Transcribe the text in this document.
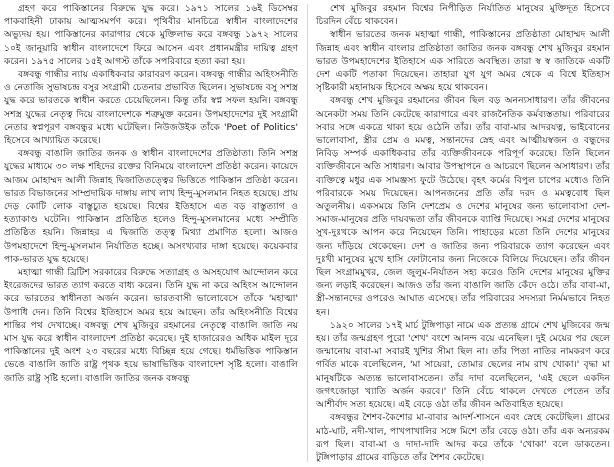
গ্রহণ করে পাকিস্তানের বিরুদ্ধে যুদ্ধ করে। ১৯৭১ সালের ১৬ই ডিসেম্বর পাকবাহিনী ঢাকায় আত্মসমর্পণ করে। পৃথিবীর মানচিত্রে স্বাধীন বাংলাদেশের অভ্যুদয় হয়। পাকিস্তানের কারাগার থেকে মুক্তিলাভ করে বঙ্গবন্ধু ১৯৭২ সালের ১০ই জানুয়ারি স্বাধীন বাংলাদেশে ফিরে আসেন এবং প্রধানমন্ত্রীর দায়িত্ব গ্রহণ করেন। ১৯৭৫ সালের ১৫ই আগস্ট তাঁকে সপরিবারে হত্যা করা হয়।

বঙ্গবন্ধু গান্ধীর ন্যায় একাধিকবার কারাবরণ করেন। বঙ্গবন্ধু গান্ধীর অহিংসনীতি ও নেতাজি সুভাষচন্দ্র বসুর সংগ্রামী চেতনার প্রভাবিত ছিলেন। সুভাষচন্দ্র বসু সশস্ত্র যুদ্ধ করে ভারতকে স্বাধীন করতে চেয়েছিলেন। কিন্তু তাঁর স্বপ্ন সফল হয়নি। বঙ্গবন্ধু সশস্ত্র যুদ্ধের নেতৃত্ব দিয়ে বাংলাদেশকে শত্রুমুক্ত করেন। উপমহাদেশের দুই সংগ্রামী নেতার স্বপ্নপূরণ বঙ্গবন্ধুর মধ্যে ঘটেছিল। নিউজউইক তাঁকে 'Poet of Politics' হিসেবে আখ্যায়িত করেছে।

বঙ্গবন্ধু বাঙালি জাতির জনক ও স্বাধীন বাংলাদেশের প্রতিষ্ঠাতা। তিনি সশস্ত্র যুদ্ধের মাধ্যমে ৩০ লক্ষ শহিদের রক্তের বিনিময়ে বাংলাদেশ প্রতিষ্ঠা করেন। কায়েদে আজম মোহাম্মদ আলী জিন্নাহ দ্বিজাতিতত্ত্বের ভিত্তিতে পাকিস্তান প্রতিষ্ঠা করেন। ভারত বিভাজনের সাম্প্রদায়িক দাঙ্গায় লাখ লাখ হিন্দু-মুসলমান নিহত হয়েছে। প্রায় দেড় কোটি লোক বাস্তুচ্যুত হয়েছে। বিশ্বের ইতিহাসে এত বড় বাস্তুত্যাগ ও হত্যাকাণ্ড ঘটেনি। পাকিস্তান প্রতিষ্ঠিত হলেও হিন্দু-মুসলমানের মধ্যে সম্প্রীতি প্রতিষ্ঠিত হয়নি। জিন্নাহর এ দ্বিজাতি তত্ত্ব মিথ্যা প্রমাণিত হলো। আজও উপমহাদেশে হিন্দু-মুসলমান নির্যাতিত হচ্ছে। অসংখ্যবার দাঙ্গা হয়েছে। কয়েকবার পাক-ভারত যুদ্ধ হয়েছে।

মহাত্মা গান্ধী ব্রিটিশ সরকারের বিরুদ্ধে সত্যাগ্রহ ও অসহযোগ আন্দোলন করে ইংরেজদের ভারত ত্যাগ করতে বাধ্য করেন। তিনি যুদ্ধ না করে অহিংস আন্দোলন করে ভারতের স্বাধীনতা অর্জন করেন। ভারতবাসী ভালোবেসে তাঁকে 'মহাত্মা' উপাধি দেন। তিনি বিশ্বের ইতিহাসে অমর হয়ে আছেন। তাঁর অহিংসনীতি বিশ্বের শান্তির পথ দেখাচ্ছে। বঙ্গবন্ধু শেখ মুজিবুর রহমানের নেতৃত্বে বাঙালি জাতি নয় মাস যুদ্ধ করে স্বাধীন বাংলাদেশ প্রতিষ্ঠা করেছে। দুই হাজারেরও অধিক মাইল দূরে পাকিস্তানের দুই অংশ ২৩ বছরের মধ্যে বিচ্ছিন্ন হয়ে গেছে। ধর্মভিত্তিক পাকিস্তান ভেঙে বাঙালি জাতি রাষ্ট্র পৃথক হয়ে ভাষাভিত্তিক বাংলাদেশ সৃষ্টি হলো। বাঙালি জাতি রাষ্ট্র সৃষ্টি হলো। বাঙালি জাতির জনক বঙ্গবন্ধু

শেখ মুজিবুর রহমান বিশ্বের নিপীড়িত নির্যাতিত মানুষের মুক্তিদূত হিসেবে চিরদিন বেঁচে থাকবেন।

স্বাধীন ভারতের জনক মহাত্মা গান্ধী, পাকিস্তানের প্রতিষ্ঠাতা মোহাম্মদ আলী জিন্নাহ এবং স্বাধীন বাংলার প্রতিষ্ঠাতা জাতির জনক বঙ্গবন্ধু শেখ মুজিবুর রহমান ভারত উপমহাদেশের ইতিহাসে এক সারিতে অবস্থিত। তারা স্ব স্ব জাতিকে একটি দেশ একটি পতাকা দিয়েছেন। তাহারা যুগ যুগ অমর থেকে এ বিশ্বে ইতিহাস সৃষ্টিকারী মহানায়ক হিসেবে অক্ষয় হয়ে থাকবেন।

বঙ্গবন্ধু শেখ মুজিবুর রহমানের জীবন ছিল বড় অনন্যসাধারণ। তাঁর জীবনের অনেকটা সময় তিনি কেটেছে কারাগারে এবং রাজনৈতিক কর্মব্যস্ততায়। পরিবারের সবার সঙ্গে একত্রে থাকা হয়ে ওঠেনি তাঁর। তাঁর বাবা-মার আদরযত্ন, ভাইবোনের ভালোবাসা, স্ত্রীর প্রেম ও মমত্ব, সন্তানদের স্নেহ এবং আত্মীয়স্বজন ও বন্ধুদের নিবিড় সম্পর্ক একাধিকবার তাঁর ব্যক্তিজীবনকে পরিপূর্ণ করেছে। তিনি ছিলেন ব্যক্তিজীবনে অতি সাধারণ। আবার উপস্থাপনে ও আচরণে ছিলেন অসাধারণ। তাঁর ব্যক্তিত্বে মধুর এক সামঞ্জস্য ফুটে উঠেছে। বৃহৎ কর্মের বিপুল চাপের মধ্যেও তিনি পরিবারকে সময় দিয়েছেন। আপনজনের প্রতি তাঁর দরদ ও মমত্ববোধ ছিল অতুলনীয়। একসময়ে তিনি দেশপ্রেম ও দেশের মানুষের জন্য ভালোবাসা দেশ-সমাজ-মানুষের প্রতি দায়বদ্ধতা তাঁর জীবনকে ব্যাপ্তি দিয়েছে। সমগ্র দেশের মানুষের সুখ-দুঃখকে আপন করে নিয়েছেন তিনি। পাহাড়ের মতো তিনি দেশের মানুষের জন্য দাঁড়িয়ে থেকেছেন। দেশ ও জাতির জন্য পরিবারকে ত্যাগ করেছেন এবং দুঃখী মানুষের মুখে হাসি ফোটানোর জন্য নিজেকে বিলিয়ে দিয়েছেন। তাঁর জীবন ছিল সংগ্রামমুখর, জেল জুলুম-নির্যাতন সহ্য করেও তিনি দেশের মানুষের মুক্তির জন্য লড়াই করেছেন। আজও তাঁর জন্য বাঙালি জাতি কেঁদে ওঠে। তাঁর বাবা-মা, স্ত্রী-সন্তানদের ওপরেও আঘাত এসেছে। তাঁর পরিবারের সদস্যরা নির্মমভাবে নিহত হন।

১৯২০ সালের ১৭ই মার্চ টুঙ্গিপাড়া নামে এক প্রত্যন্ত গ্রামে শেখ মুজিবের জন্ম হয়। তাঁর জন্মগ্রহণ পুরো 'শেখ' বংশে আনন্দ বয়ে এনেছিল। দুই মেয়ের পর ছেলে জন্মানোয় বাবা-মা সবারই খুশির সীমা ছিল না। তাঁর পিতা নাতির নামকরণ করে গর্বিত মাকে বলেছিলেন, 'মা সায়েরা, তোমার ছেলের নাম রাখ খোকা।' বৃদ্ধা মা মানুষটিকে অত্যন্ত ভালোবাসতেন। তাঁর দাদা বলেছিলেন, 'এই ছেলে একদিন জগৎজোড়া খ্যাতি অর্জন করবে।' তিনি বেঁচে থাকলে দেখতে পেতেন তাঁর আশীর্বাদ সত্য হয়েছে। এই বেড়ে ওঠা তাঁর জীবন অতিবাহিত হয়েছে।

বঙ্গবন্ধুর শৈশব-কৈশোর মা-বাবার আদর্শ-শাসনে এবং স্নেহে কেটেছিল। গ্রামের মাঠ-ঘাট, নদী-খাল, পাখপাখালির সঙ্গে মিশে তাঁর বেড়ে ওঠা। তাঁর এক অন্যরকম রূপ ছিল। বাবা-মা ও দাদা-দাদি আদর করে তাঁকে 'খোকা' বলে ডাকতেন। টুঙ্গিপাড়ার গ্রামের বাড়িতে তাঁর শৈশব কেটেছে।
